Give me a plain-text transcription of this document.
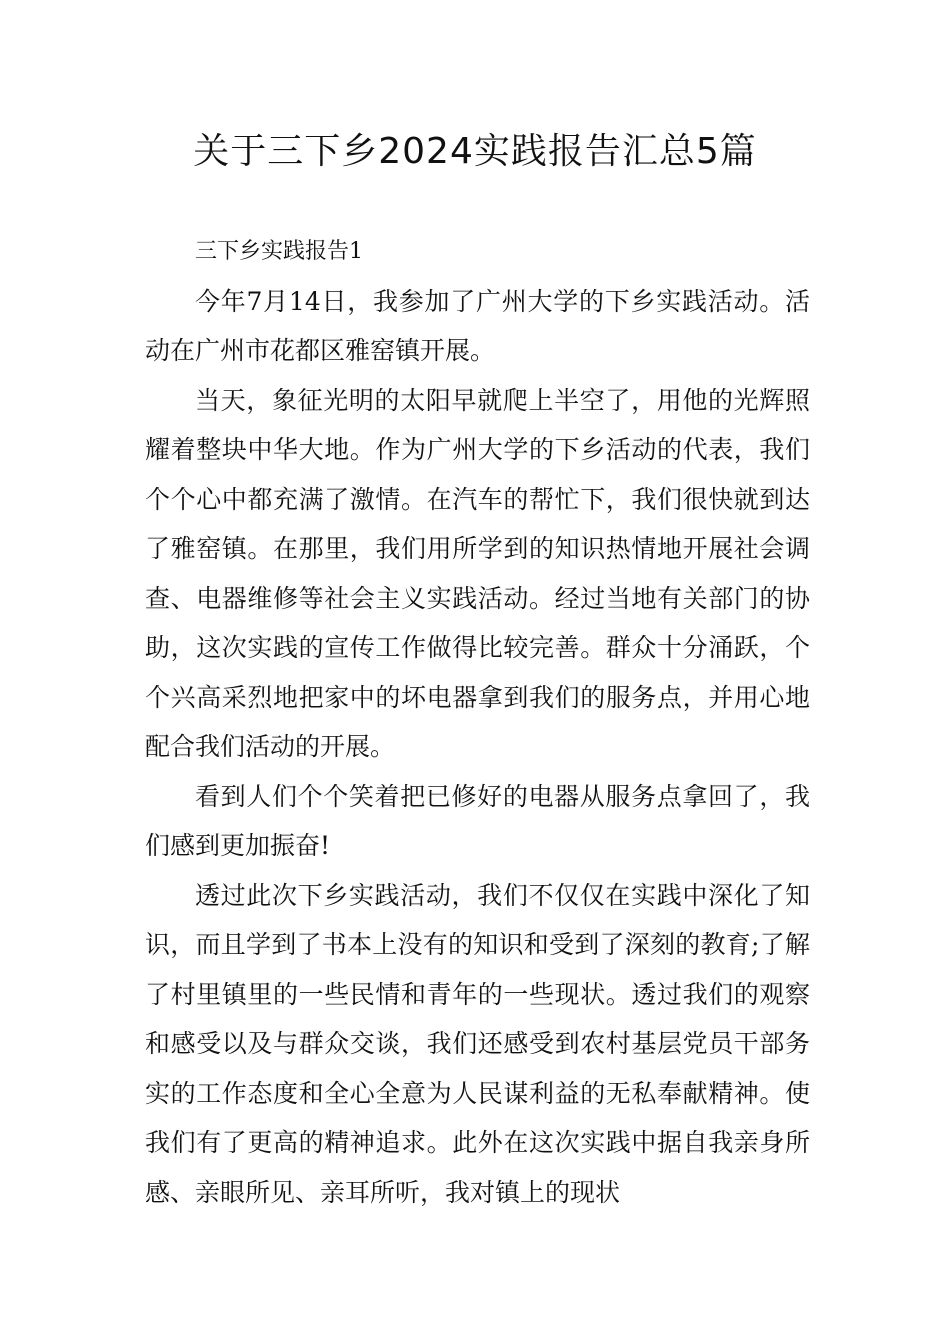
关于三下乡2024实践报告汇总5篇

三下乡实践报告1

今年7月14日，我参加了广州大学的下乡实践活动。活动在广州市花都区雅窑镇开展。

当天，象征光明的太阳早就爬上半空了，用他的光辉照耀着整块中华大地。作为广州大学的下乡活动的代表，我们个个心中都充满了激情。在汽车的帮忙下，我们很快就到达了雅窑镇。在那里，我们用所学到的知识热情地开展社会调查、电器维修等社会主义实践活动。经过当地有关部门的协助，这次实践的宣传工作做得比较完善。群众十分涌跃，个个兴高采烈地把家中的坏电器拿到我们的服务点，并用心地配合我们活动的开展。

看到人们个个笑着把已修好的电器从服务点拿回了，我们感到更加振奋!

透过此次下乡实践活动，我们不仅仅在实践中深化了知识，而且学到了书本上没有的知识和受到了深刻的教育;了解了村里镇里的一些民情和青年的一些现状。透过我们的观察和感受以及与群众交谈，我们还感受到农村基层党员干部务实的工作态度和全心全意为人民谋利益的无私奉献精神。使我们有了更高的精神追求。此外在这次实践中据自我亲身所感、亲眼所见、亲耳所听，我对镇上的现状
